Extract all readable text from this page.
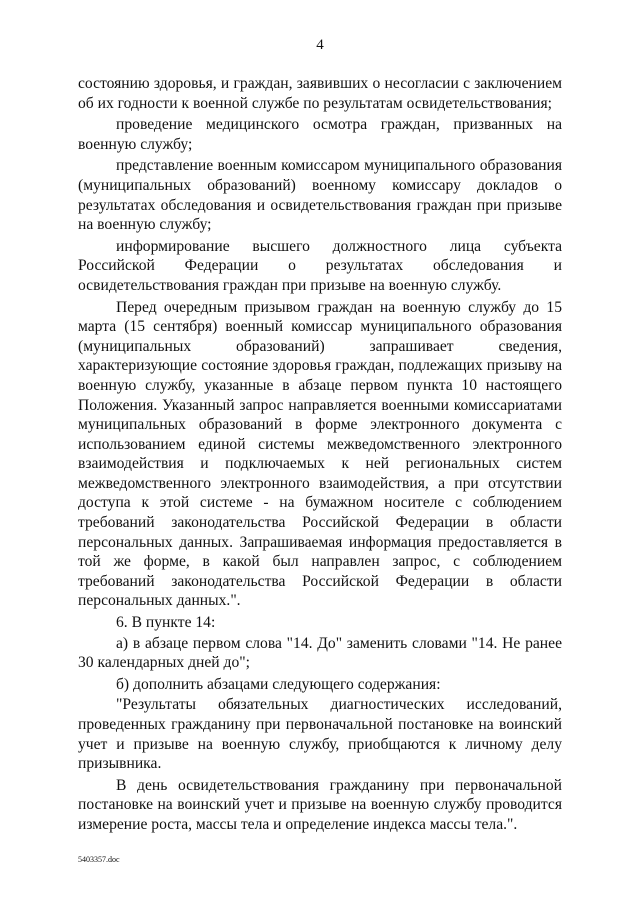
4

состоянию здоровья, и граждан, заявивших о несогласии с заключением об их годности к военной службе по результатам освидетельствования;

проведение медицинского осмотра граждан, призванных на военную службу;

представление военным комиссаром муниципального образования (муниципальных образований) военному комиссару докладов о результатах обследования и освидетельствования граждан при призыве на военную службу;

информирование высшего должностного лица субъекта Российской Федерации о результатах обследования и освидетельствования граждан при призыве на военную службу.

Перед очередным призывом граждан на военную службу до 15 марта (15 сентября) военный комиссар муниципального образования (муниципальных образований) запрашивает сведения, характеризующие состояние здоровья граждан, подлежащих призыву на военную службу, указанные в абзаце первом пункта 10 настоящего Положения. Указанный запрос направляется военными комиссариатами муниципальных образований в форме электронного документа с использованием единой системы межведомственного электронного взаимодействия и подключаемых к ней региональных систем межведомственного электронного взаимодействия, а при отсутствии доступа к этой системе - на бумажном носителе с соблюдением требований законодательства Российской Федерации в области персональных данных. Запрашиваемая информация предоставляется в той же форме, в какой был направлен запрос, с соблюдением требований законодательства Российской Федерации в области персональных данных.".

6. В пункте 14:

а) в абзаце первом слова "14. До" заменить словами "14. Не ранее 30 календарных дней до";

б) дополнить абзацами следующего содержания:

"Результаты обязательных диагностических исследований, проведенных гражданину при первоначальной постановке на воинский учет и призыве на военную службу, приобщаются к личному делу призывника.

В день освидетельствования гражданину при первоначальной постановке на воинский учет и призыве на военную службу проводится измерение роста, массы тела и определение индекса массы тела.".

5403357.doc
